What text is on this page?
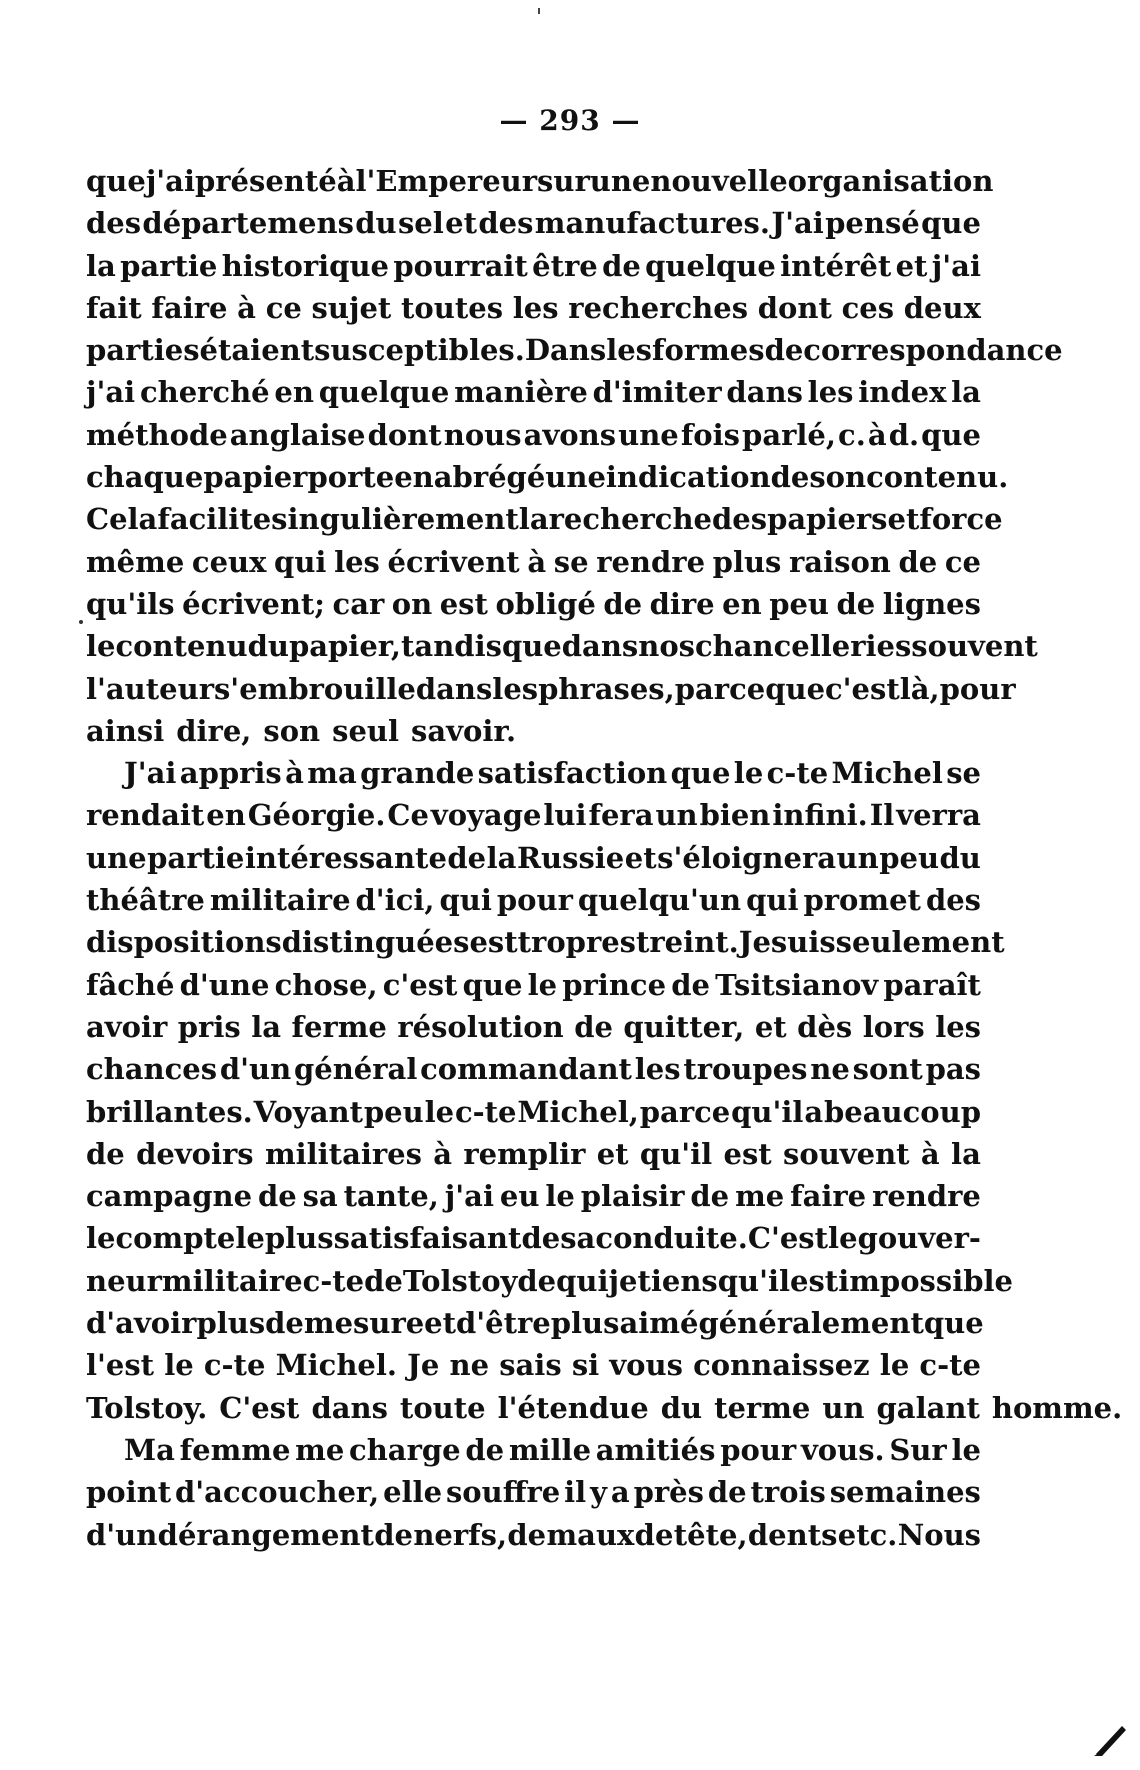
— 293 —
que j'ai présenté à l'Empereur sur une nouvelle organisation
des départemens du sel et des manufactures. J'ai pensé que
la partie historique pourrait être de quelque intérêt et j'ai
fait faire à ce sujet toutes les recherches dont ces deux
parties étaient susceptibles. Dans les formes de correspondance
j'ai cherché en quelque manière d'imiter dans les index la
méthode anglaise dont nous avons une fois parlé, c. à d. que
chaque papier porte en abrégé une indication de son contenu.
Cela facilite singulièrement la recherche des papiers et force
même ceux qui les écrivent à se rendre plus raison de ce
qu'ils écrivent; car on est obligé de dire en peu de lignes
le contenu du papier, tandis que dans nos chancelleries souvent
l'auteur s'embrouille dans les phrases, parce que c'est là, pour
ainsi dire, son seul savoir.
J'ai appris à ma grande satisfaction que le c-te Michel se
rendait en Géorgie. Ce voyage lui fera un bien infini. Il verra
une partie intéressante de la Russie et s'éloignera un peu du
théâtre militaire d'ici, qui pour quelqu'un qui promet des
dispositions distinguées est trop restreint. Je suis seulement
fâché d'une chose, c'est que le prince de Tsitsianov paraît
avoir pris la ferme résolution de quitter, et dès lors les
chances d'un général commandant les troupes ne sont pas
brillantes. Voyant peu le c-te Michel, parce qu'il a beaucoup
de devoirs militaires à remplir et qu'il est souvent à la
campagne de sa tante, j'ai eu le plaisir de me faire rendre
le compte le plus satisfaisant de sa conduite. C'est le gouver-
neur militaire c-te de Tolstoy de qui je tiens qu'il est impossible
d'avoir plus de mesure et d'être plus aimé généralement que
l'est le c-te Michel. Je ne sais si vous connaissez le c-te
Tolstoy. C'est dans toute l'étendue du terme un galant homme.
Ma femme me charge de mille amitiés pour vous. Sur le
point d'accoucher, elle souffre il y a près de trois semaines
d'un dérangement de nerfs, de maux de tête, dents etc. Nous
